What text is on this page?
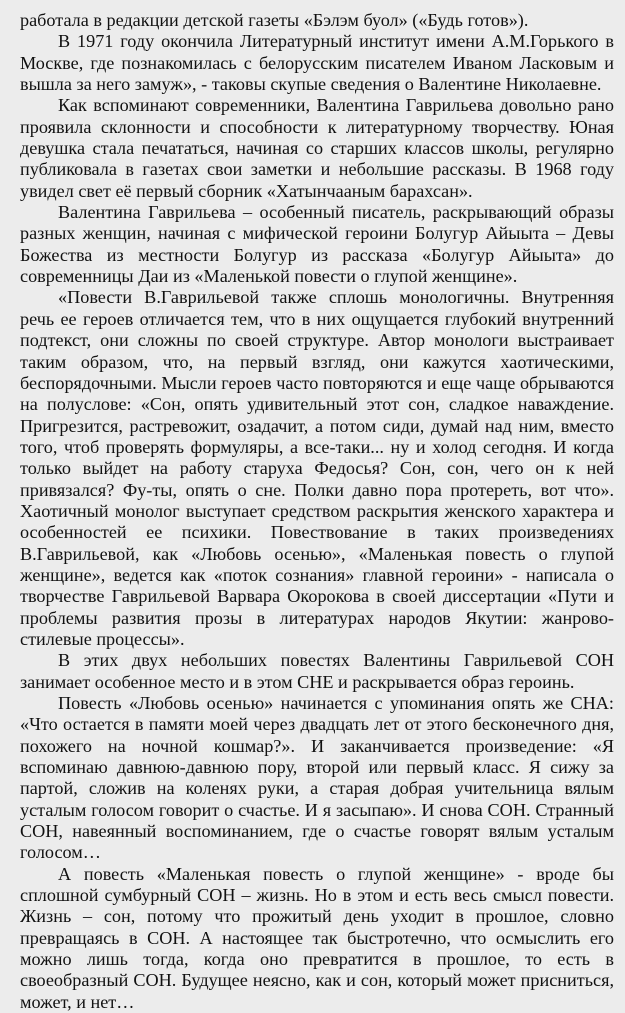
работала в редакции детской газеты «Бэлэм буол» («Будь готов»).

В 1971 году окончила Литературный институт имени А.М.Горького в Москве, где познакомилась с белорусским писателем Иваном Ласковым и вышла за него замуж», - таковы скупые сведения о Валентине Николаевне.

Как вспоминают современники, Валентина Гаврильева довольно рано проявила склонности и способности к литературному творчеству. Юная девушка стала печататься, начиная со старших классов школы, регулярно публиковала в газетах свои заметки и небольшие рассказы. В 1968 году увидел свет её первый сборник «Хатынчааным барахсан».

Валентина Гаврильева – особенный писатель, раскрывающий образы разных женщин, начиная с мифической героини Болугур Айыыта – Девы Божества из местности Болугур из рассказа «Болугур Айыыта» до современницы Даи из «Маленькой повести о глупой женщине».

«Повести В.Гаврильевой также сплошь монологичны. Внутренняя речь ее героев отличается тем, что в них ощущается глубокий внутренний подтекст, они сложны по своей структуре. Автор монологи выстраивает таким образом, что, на первый взгляд, они кажутся хаотическими, беспорядочными. Мысли героев часто повторяются и еще чаще обрываются на полуслове: «Сон, опять удивительный этот сон, сладкое наваждение. Пригрезится, растревожит, озадачит, а потом сиди, думай над ним, вместо того, чтоб проверять формуляры, а все-таки... ну и холод сегодня. И когда только выйдет на работу старуха Федосья? Сон, сон, чего он к ней привязался? Фу-ты, опять о сне. Полки давно пора протереть, вот что». Хаотичный монолог выступает средством раскрытия женского характера и особенностей ее психики. Повествование в таких произведениях В.Гаврильевой, как «Любовь осенью», «Маленькая повесть о глупой женщине», ведется как «поток сознания» главной героини» - написала о творчестве Гаврильевой Варвара Окорокова в своей диссертации «Пути и проблемы развития прозы в литературах народов Якутии: жанрово-стилевые процессы».

В этих двух небольших повестях Валентины Гаврильевой СОН занимает особенное место и в этом СНЕ и раскрывается образ героинь.

Повесть «Любовь осенью» начинается с упоминания опять же СНА: «Что остается в памяти моей через двадцать лет от этого бесконечного дня, похожего на ночной кошмар?». И заканчивается произведение: «Я вспоминаю давнюю-давнюю пору, второй или первый класс. Я сижу за партой, сложив на коленях руки, а старая добрая учительница вялым усталым голосом говорит о счастье. И я засыпаю». И снова СОН. Странный СОН, навеянный воспоминанием, где о счастье говорят вялым усталым голосом…

А повесть «Маленькая повесть о глупой женщине» - вроде бы сплошной сумбурный СОН – жизнь. Но в этом и есть весь смысл повести. Жизнь – сон, потому что прожитый день уходит в прошлое, словно превращаясь в СОН. А настоящее так быстротечно, что осмыслить его можно лишь тогда, когда оно превратится в прошлое, то есть в своеобразный СОН. Будущее неясно, как и сон, который может присниться, может, и нет…
